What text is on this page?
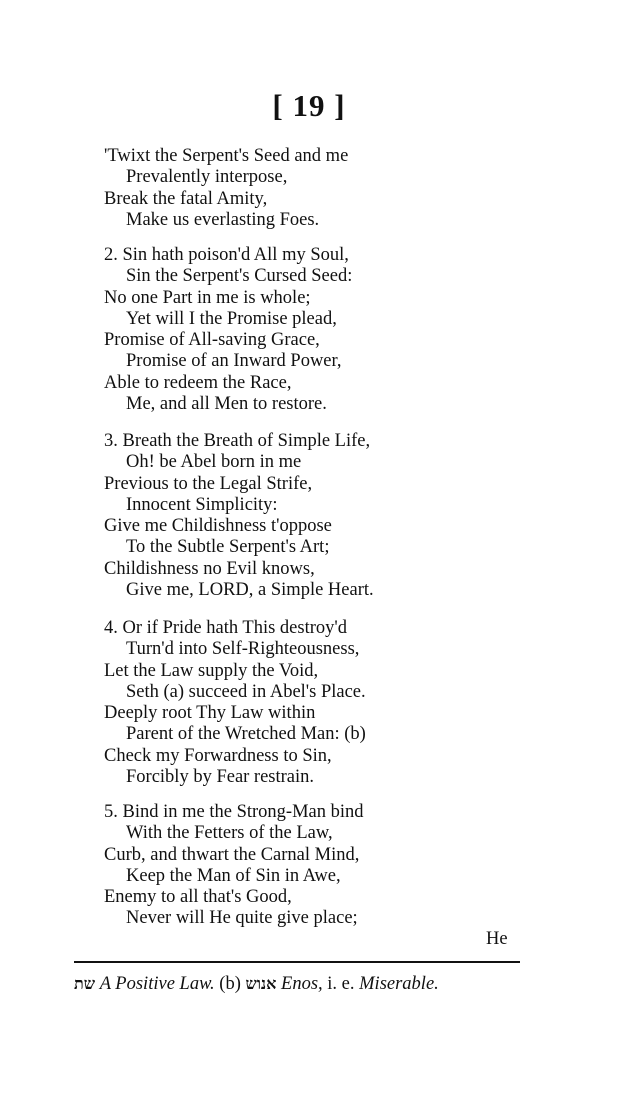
[ 19 ]
'Twixt the Serpent's Seed and me
Prevalently interpose,
Break the fatal Amity,
Make us everlasting Foes.
2. Sin hath poison'd All my Soul,
Sin the Serpent's Cursed Seed:
No one Part in me is whole;
Yet will I the Promise plead,
Promise of All-saving Grace,
Promise of an Inward Power,
Able to redeem the Race,
Me, and all Men to restore.
3. Breath the Breath of Simple Life,
Oh! be Abel born in me
Previous to the Legal Strife,
Innocent Simplicity:
Give me Childishness t'oppose
To the Subtle Serpent's Art;
Childishness no Evil knows,
Give me, LORD, a Simple Heart.
4. Or if Pride hath This destroy'd
Turn'd into Self-Righteousness,
Let the Law supply the Void,
Seth (a) succeed in Abel's Place.
Deeply root Thy Law within
Parent of the Wretched Man: (b)
Check my Forwardness to Sin,
Forcibly by Fear restrain.
5. Bind in me the Strong-Man bind
With the Fetters of the Law,
Curb, and thwart the Carnal Mind,
Keep the Man of Sin in Awe,
Enemy to all that's Good,
Never will He quite give place;
He
שת A Positive Law. (b) אנוש Enos, i. e. Miserable.
